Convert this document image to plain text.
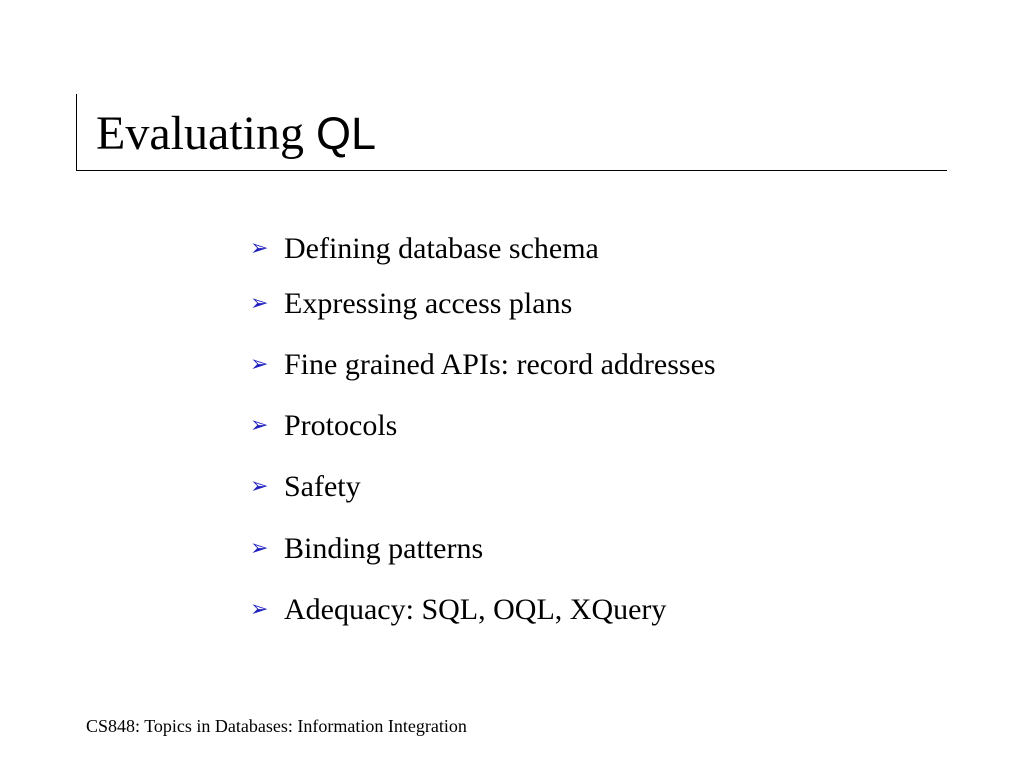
Evaluating QL
➢ Defining database schema
➢ Expressing access plans
➢ Fine grained APIs: record addresses
➢ Protocols
➢ Safety
➢ Binding patterns
➢ Adequacy: SQL, OQL, XQuery
CS848: Topics in Databases: Information Integration
